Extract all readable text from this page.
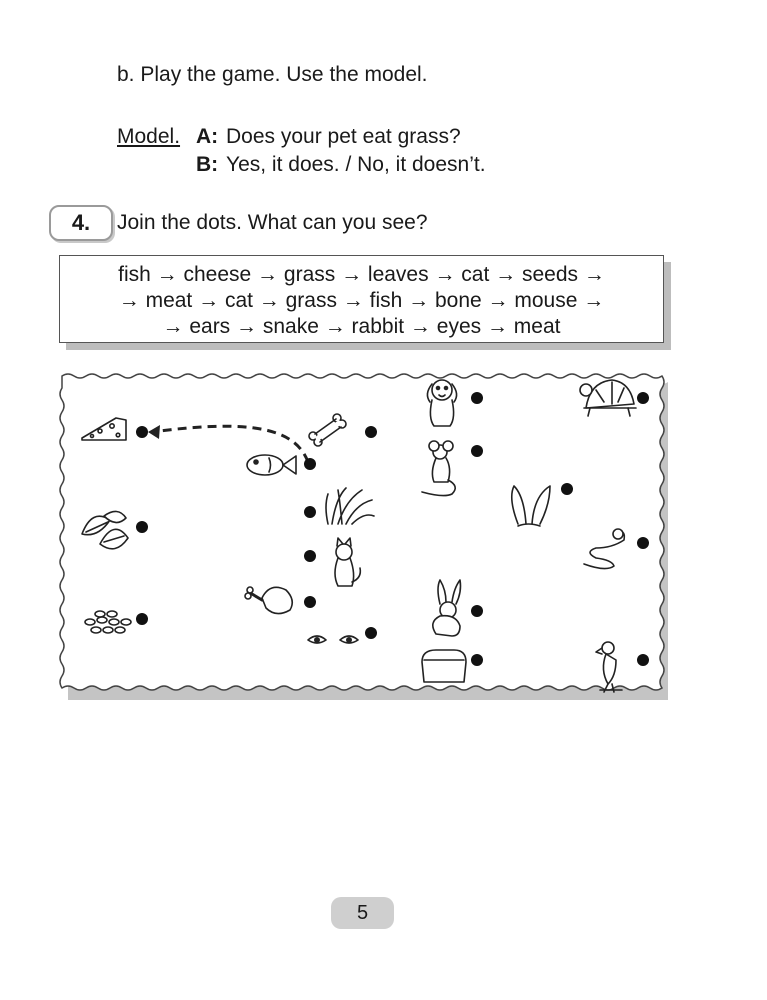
b. Play the game. Use the model.
Model. A: Does your pet eat grass?
B: Yes, it does. / No, it doesn’t.
4.	Join the dots. What can you see?
fish → cheese → grass → leaves → cat → seeds →
→ meat → cat → grass → fish → bone → mouse →
→ ears → snake → rabbit → eyes → meat
5
